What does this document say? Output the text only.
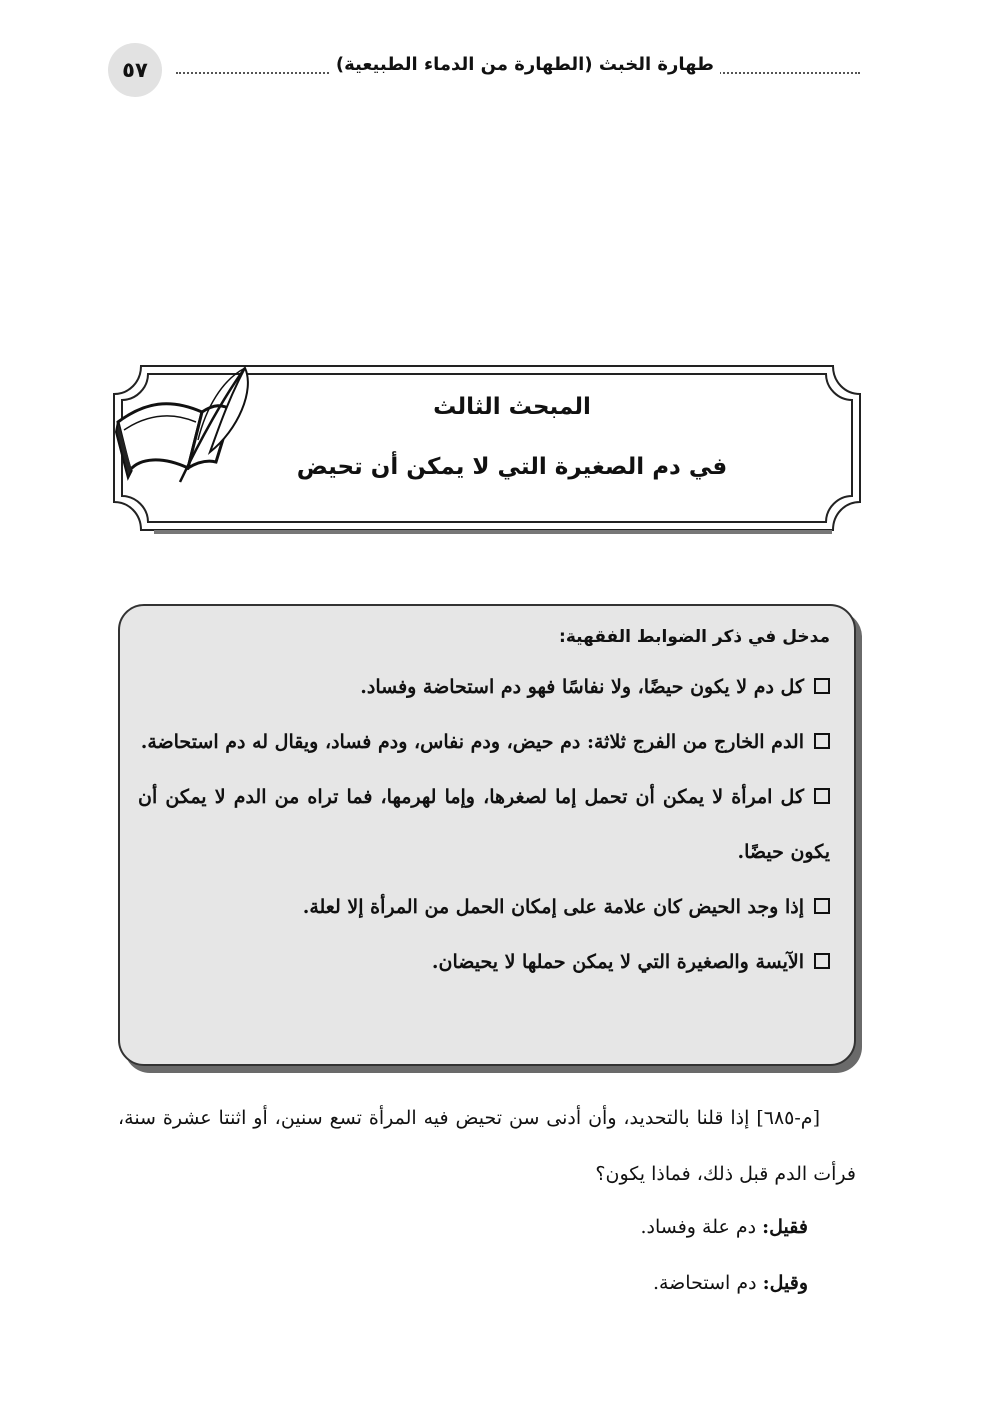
٥٧	طهارة الخبث (الطهارة من الدماء الطبيعية)
المبحث الثالث
في دم الصغيرة التي لا يمكن أن تحيض

مدخل في ذكر الضوابط الفقهية:

كل دم لا يكون حيضًا، ولا نفاسًا فهو دم استحاضة وفساد.

الدم الخارج من الفرج ثلاثة: دم حيض، ودم نفاس، ودم فساد، ويقال له دم استحاضة.

كل امرأة لا يمكن أن تحمل إما لصغرها، وإما لهرمها، فما تراه من الدم لا يمكن أن يكون حيضًا.

إذا وجد الحيض كان علامة على إمكان الحمل من المرأة إلا لعلة.

الآيسة والصغيرة التي لا يمكن حملها لا يحيضان.

[م-٦٨٥] إذا قلنا بالتحديد، وأن أدنى سن تحيض فيه المرأة تسع سنين، أو اثنتا عشرة سنة، فرأت الدم قبل ذلك، فماذا يكون؟

فقيل: دم علة وفساد.
وقيل: دم استحاضة.
